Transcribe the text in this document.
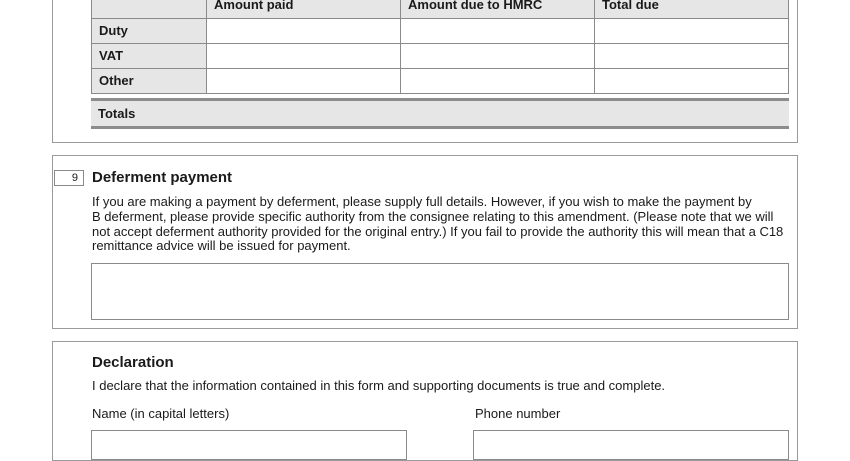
Amount paid	Amount due to HMRC	Total due
Duty
VAT
Other
Totals
9 Deferment payment
If you are making a payment by deferment, please supply full details. However, if you wish to make the payment by
B deferment, please provide specific authority from the consignee relating to this amendment. (Please note that we will
not accept deferment authority provided for the original entry.) If you fail to provide the authority this will mean that a C18
remittance advice will be issued for payment.
Declaration
I declare that the information contained in this form and supporting documents is true and complete.
Name (in capital letters)	Phone number
